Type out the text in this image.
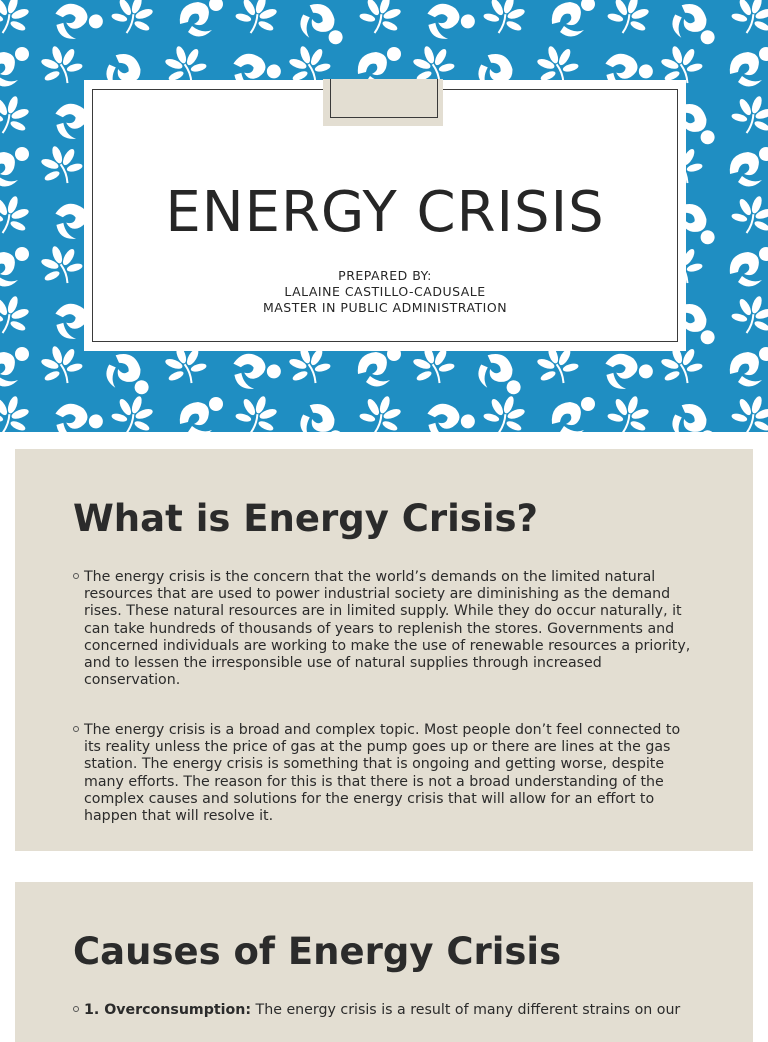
ENERGY CRISIS
PREPARED BY:
LALAINE CASTILLO-CADUSALE
MASTER IN PUBLIC ADMINISTRATION
What is Energy Crisis?
The energy crisis is the concern that the world’s demands on the limited natural resources that are used to power industrial society are diminishing as the demand rises. These natural resources are in limited supply. While they do occur naturally, it can take hundreds of thousands of years to replenish the stores. Governments and concerned individuals are working to make the use of renewable resources a priority, and to lessen the irresponsible use of natural supplies through increased conservation.
The energy crisis is a broad and complex topic. Most people don’t feel connected to its reality unless the price of gas at the pump goes up or there are lines at the gas station. The energy crisis is something that is ongoing and getting worse, despite many efforts. The reason for this is that there is not a broad understanding of the complex causes and solutions for the energy crisis that will allow for an effort to happen that will resolve it.
Causes of Energy Crisis
1. Overconsumption: The energy crisis is a result of many different strains on our
